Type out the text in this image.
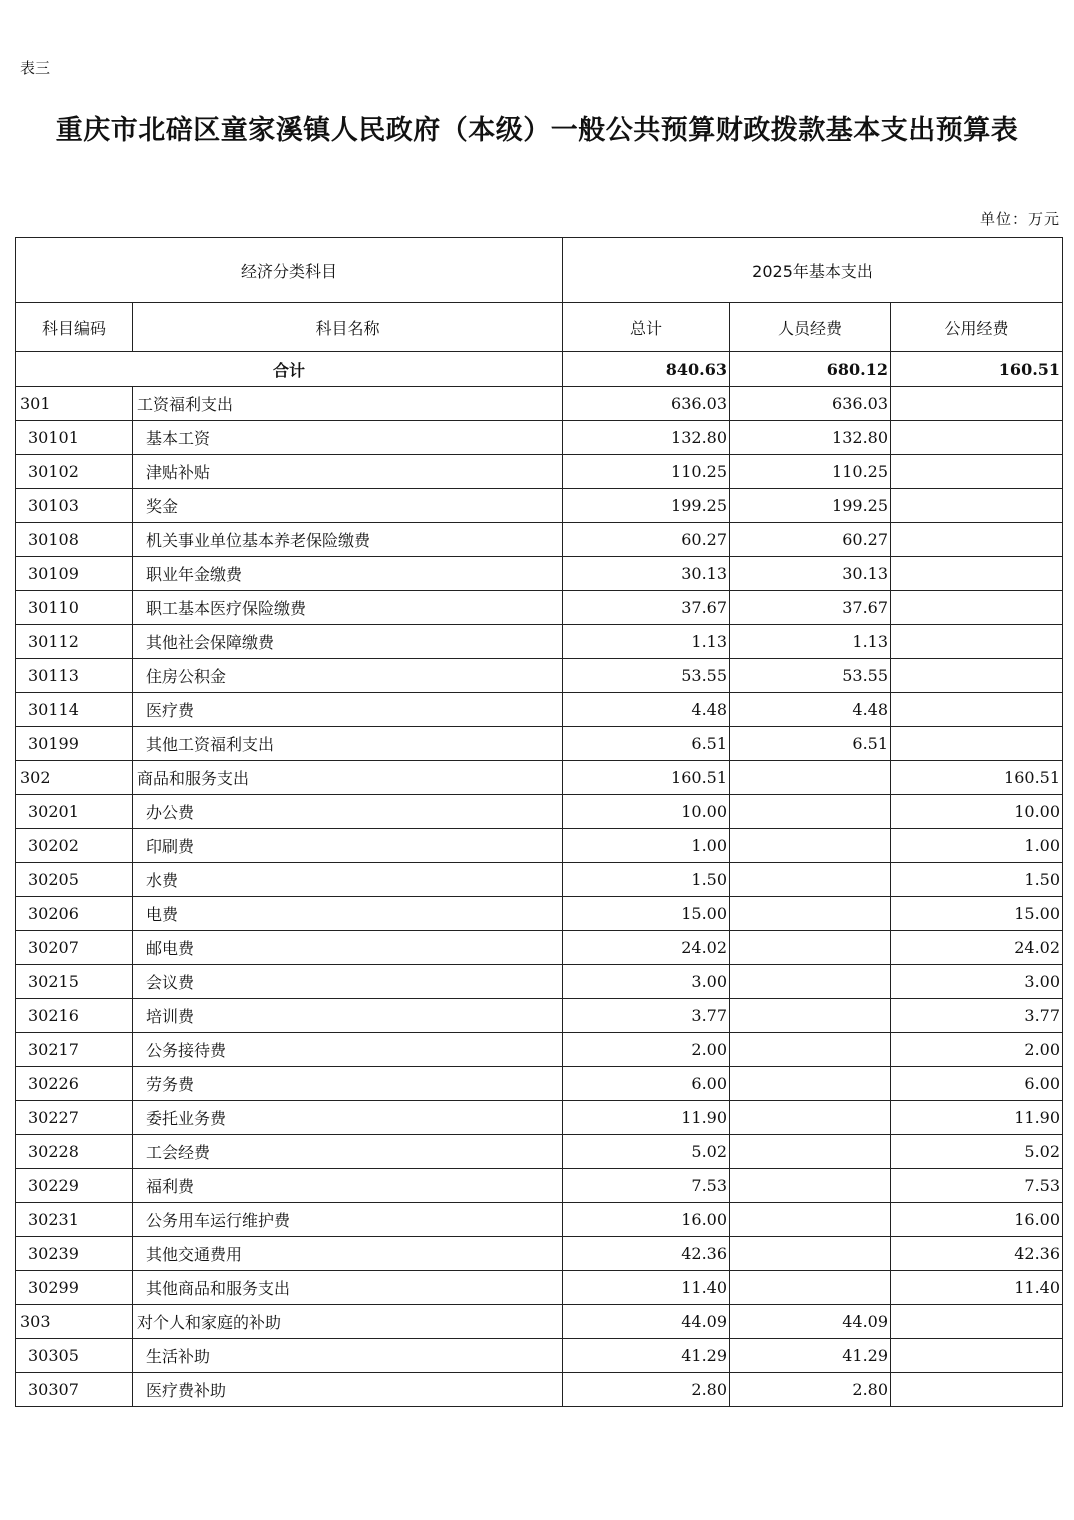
表三
重庆市北碚区童家溪镇人民政府（本级）一般公共预算财政拨款基本支出预算表
单位：万元
经济分类科目		2025年基本支出		
科目编码	科目名称	总计	人员经费	公用经费
合计		840.63	680.12	160.51
301	工资福利支出	636.03	636.03	
30101	基本工资	132.80	132.80	
30102	津贴补贴	110.25	110.25	
30103	奖金	199.25	199.25	
30108	机关事业单位基本养老保险缴费	60.27	60.27	
30109	职业年金缴费	30.13	30.13	
30110	职工基本医疗保险缴费	37.67	37.67	
30112	其他社会保障缴费	1.13	1.13	
30113	住房公积金	53.55	53.55	
30114	医疗费	4.48	4.48	
30199	其他工资福利支出	6.51	6.51	
302	商品和服务支出	160.51		160.51
30201	办公费	10.00		10.00
30202	印刷费	1.00		1.00
30205	水费	1.50		1.50
30206	电费	15.00		15.00
30207	邮电费	24.02		24.02
30215	会议费	3.00		3.00
30216	培训费	3.77		3.77
30217	公务接待费	2.00		2.00
30226	劳务费	6.00		6.00
30227	委托业务费	11.90		11.90
30228	工会经费	5.02		5.02
30229	福利费	7.53		7.53
30231	公务用车运行维护费	16.00		16.00
30239	其他交通费用	42.36		42.36
30299	其他商品和服务支出	11.40		11.40
303	对个人和家庭的补助	44.09	44.09	
30305	生活补助	41.29	41.29	
30307	医疗费补助	2.80	2.80	
